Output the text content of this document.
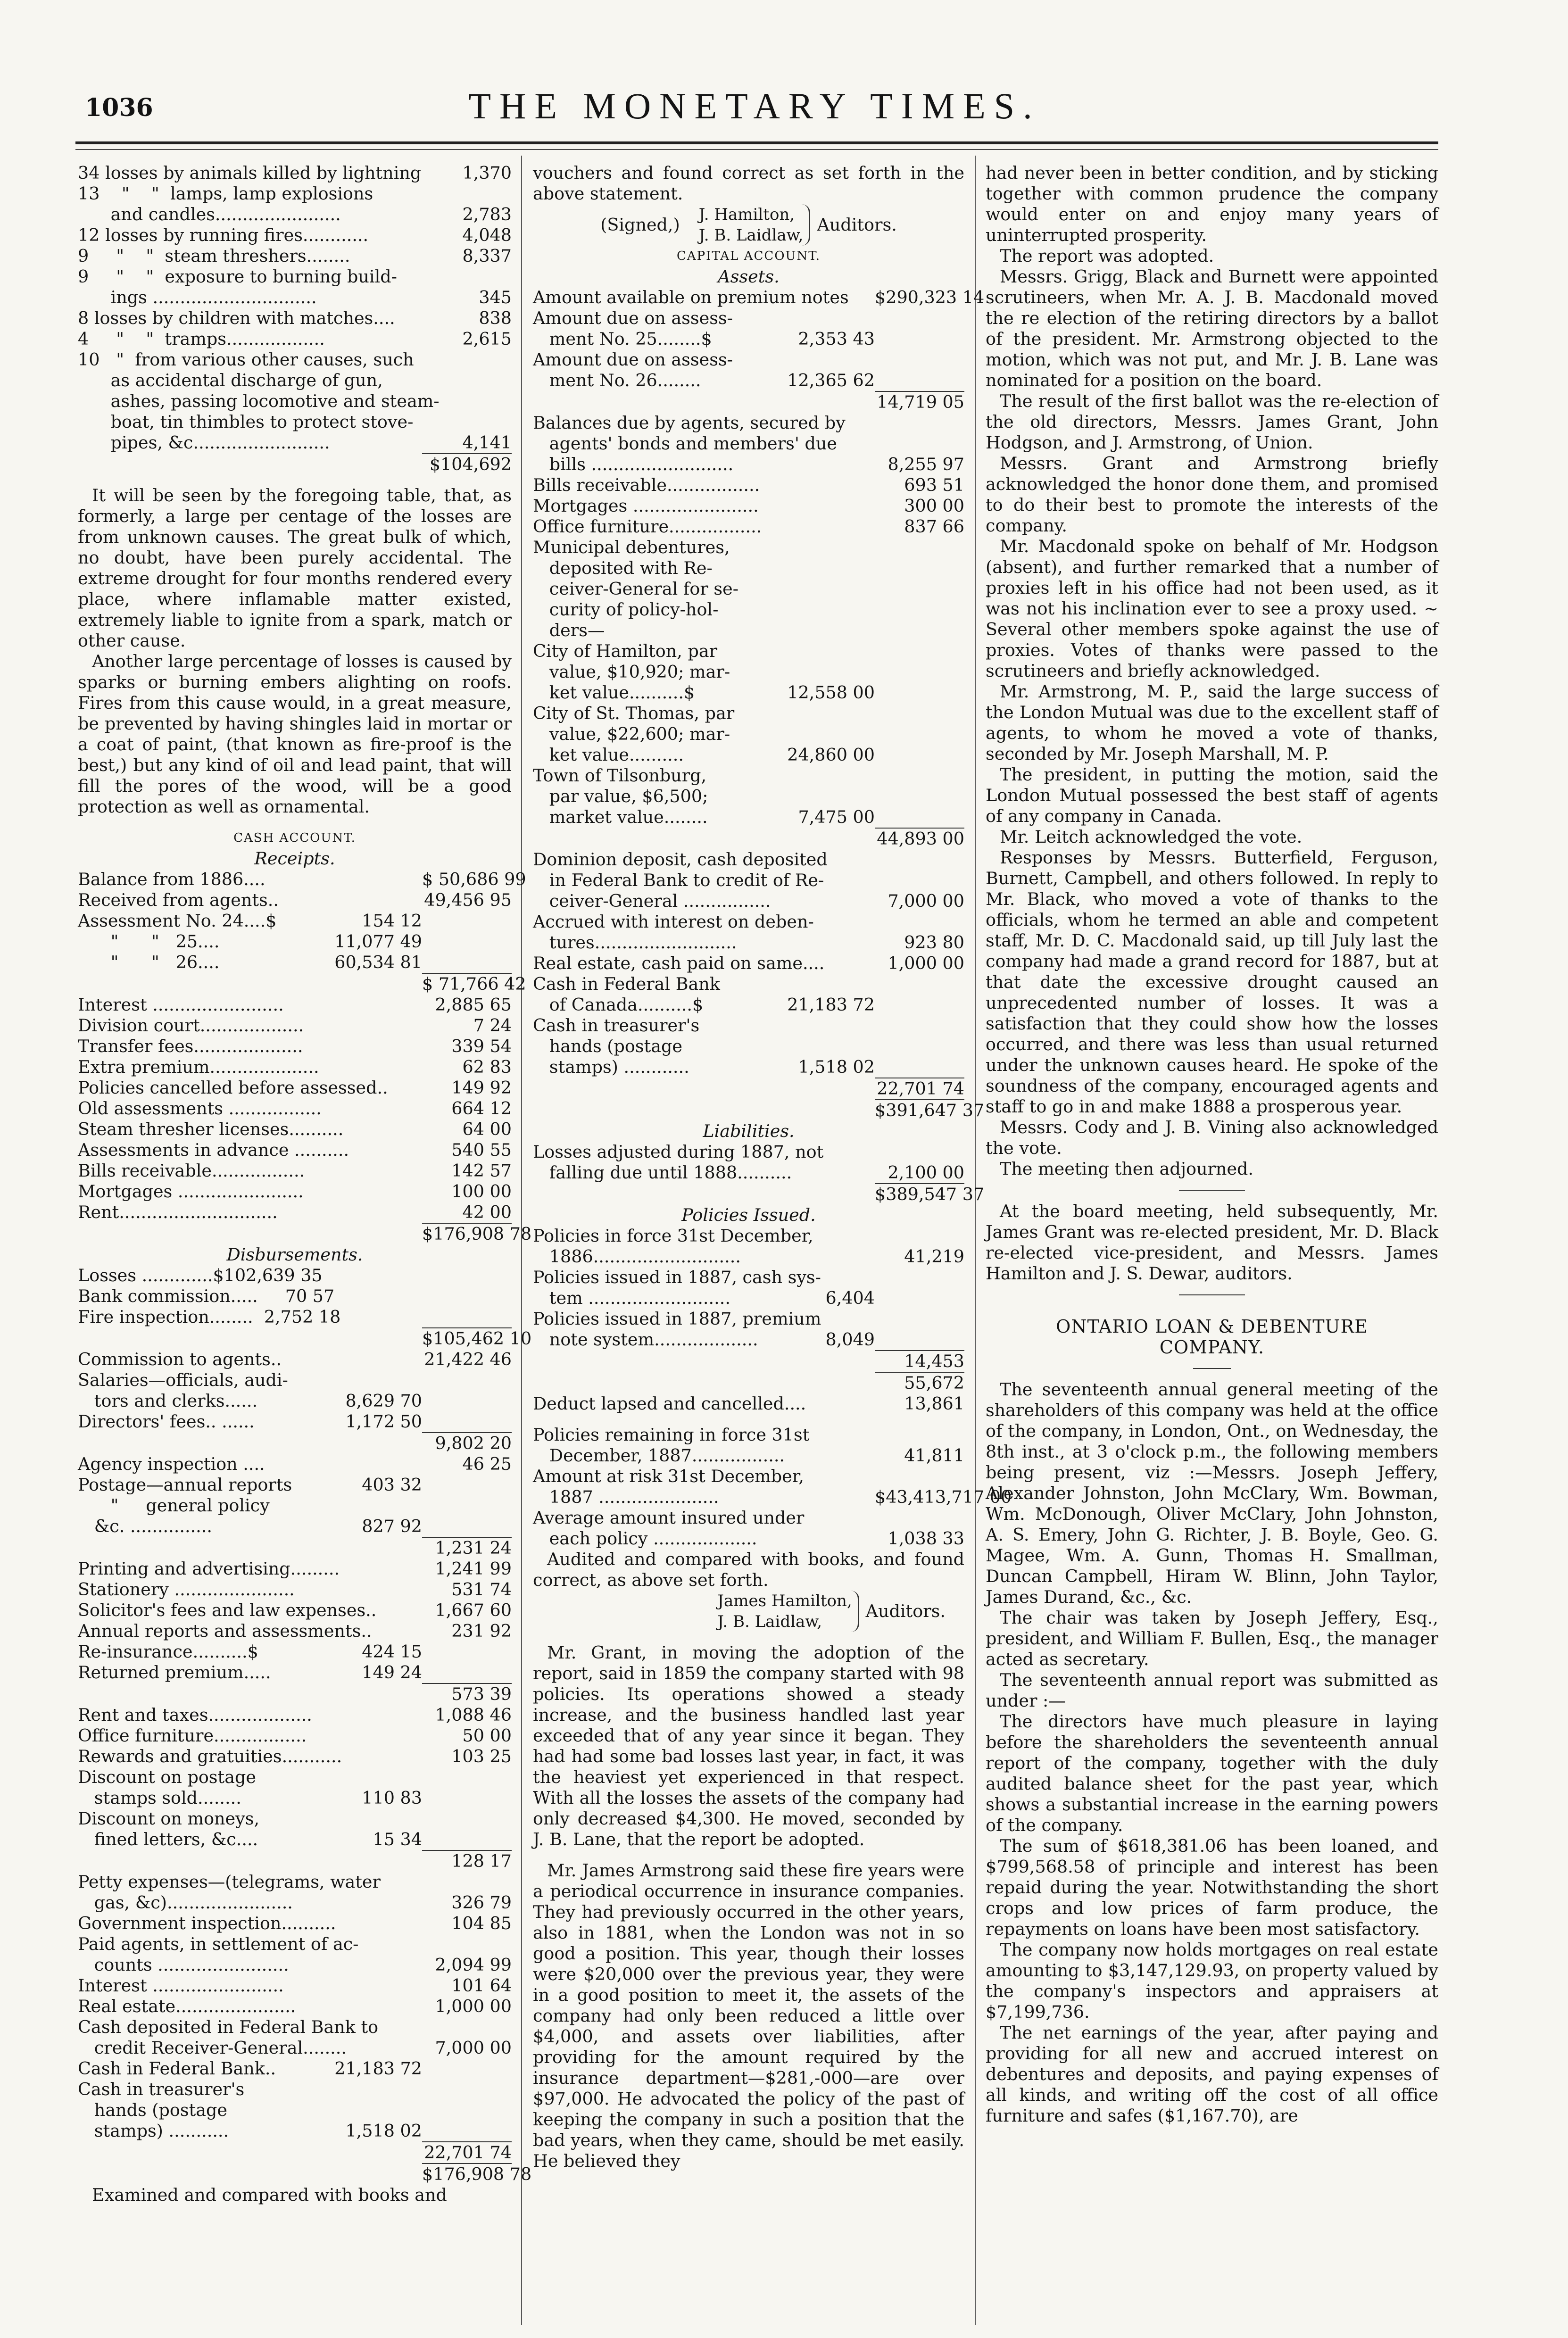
1036	THE MONETARY TIMES.
34 losses by animals killed by lightning	1,370
13    "    "  lamps, lamp explosions
and candles.......................	2,783
12 losses by running fires............	4,048
9     "    "  steam threshers........	8,337
9     "    "  exposure to burning build-
ings ..............................	345
8 losses by children with matches....	838
4     "    "  tramps..................	2,615
10   "  from various other causes, such
as accidental discharge of gun,
ashes, passing locomotive and steam-
boat, tin thimbles to protect stove-
pipes, &c.........................	4,141
$104,692

It will be seen by the foregoing table, that, as formerly, a large per centage of the losses are from unknown causes. The great bulk of which, no doubt, have been purely accidental. The extreme drought for four months rendered every place, where inflamable matter existed, extremely liable to ignite from a spark, match or other cause.

Another large percentage of losses is caused by sparks or burning embers alighting on roofs. Fires from this cause would, in a great measure, be prevented by having shingles laid in mortar or a coat of paint, (that known as fire-proof is the best,) but any kind of oil and lead paint, that will fill the pores of the wood, will be a good protection as well as ornamental.

CASH ACCOUNT.
Receipts.
Balance from 1886....	$ 50,686 99
Received from agents..	49,456 95
Assessment No. 24....$	154 12
"      "   25....	11,077 49
"      "   26....	60,534 81
$ 71,766 42
Interest ........................	2,885 65
Division court...................	7 24
Transfer fees....................	339 54
Extra premium....................	62 83
Policies cancelled before assessed..	149 92
Old assessments .................	664 12
Steam thresher licenses..........	64 00
Assessments in advance ..........	540 55
Bills receivable.................	142 57
Mortgages .......................	100 00
Rent.............................	42 00
$176,908 78
Disbursements.
Losses .............$102,639 35
Bank commission.....     70 57
Fire inspection........  2,752 18
$105,462 10
Commission to agents..	21,422 46
Salaries—officials, audi-
tors and clerks......	8,629 70
Directors' fees.. ......	1,172 50
9,802 20
Agency inspection ....	46 25
Postage—annual reports	403 32
"     general policy
&c. ...............	827 92
1,231 24
Printing and advertising.........	1,241 99
Stationery ......................	531 74
Solicitor's fees and law expenses..	1,667 60
Annual reports and assessments..	231 92
Re-insurance..........$	424 15
Returned premium.....	149 24
573 39
Rent and taxes...................	1,088 46
Office furniture.................	50 00
Rewards and gratuities...........	103 25
Discount on postage
stamps sold........	110 83
Discount on moneys,
fined letters, &c....	15 34
128 17
Petty expenses—(telegrams, water
gas, &c).......................	326 79
Government inspection..........	104 85
Paid agents, in settlement of ac-
counts ........................	2,094 99
Interest ........................	101 64
Real estate......................	1,000 00
Cash deposited in Federal Bank to
credit Receiver-General........	7,000 00
Cash in Federal Bank..	21,183 72
Cash in treasurer's
hands (postage
stamps) ...........	1,518 02
22,701 74
$176,908 78

Examined and compared with books and

vouchers and found correct as set forth in the above statement.

(Signed,)	J. Hamilton,
J. B. Laidlaw,
Auditors.
CAPITAL ACCOUNT.
Assets.
Amount available on premium notes $290,323 14
Amount due on assess-
ment No. 25........$	2,353 43
Amount due on assess-
ment No. 26........	12,365 62
14,719 05
Balances due by agents, secured by
agents' bonds and members' due
bills ..........................	8,255 97
Bills receivable.................	693 51
Mortgages .......................	300 00
Office furniture.................	837 66
Municipal debentures,
deposited with Re-
ceiver-General for se-
curity of policy-hol-
ders—
City of Hamilton, par
value, $10,920; mar-
ket value..........$	12,558 00
City of St. Thomas, par
value, $22,600; mar-
ket value..........	24,860 00
Town of Tilsonburg,
par value, $6,500;
market value........	7,475 00
44,893 00
Dominion deposit, cash deposited
in Federal Bank to credit of Re-
ceiver-General ................	7,000 00
Accrued with interest on deben-
tures..........................	923 80
Real estate, cash paid on same....	1,000 00
Cash in Federal Bank
of Canada..........$	21,183 72
Cash in treasurer's
hands (postage
stamps) ............	1,518 02
22,701 74
$391,647 37
Liabilities.
Losses adjusted during 1887, not
falling due until 1888..........	2,100 00
$389,547 37
Policies Issued.
Policies in force 31st December,
1886...........................	41,219
Policies issued in 1887, cash sys-
tem ..........................	6,404
Policies issued in 1887, premium
note system...................	8,049
14,453
55,672
Deduct lapsed and cancelled....	13,861
Policies remaining in force 31st
December, 1887.................	41,811
Amount at risk 31st December,
1887 ......................	$43,413,717 00
Average amount insured under
each policy ...................	1,038 33

Audited and compared with books, and found correct, as above set forth.

James Hamilton,
J. B. Laidlaw,
Auditors.

Mr. Grant, in moving the adoption of the report, said in 1859 the company started with 98 policies. Its operations showed a steady increase, and the business handled last year exceeded that of any year since it began. They had had some bad losses last year, in fact, it was the heaviest yet experienced in that respect. With all the losses the assets of the company had only decreased $4,300. He moved, seconded by J. B. Lane, that the report be adopted.

Mr. James Armstrong said these fire years were a periodical occurrence in insurance companies. They had previously occurred in the other years, also in 1881, when the London was not in so good a position. This year, though their losses were $20,000 over the previous year, they were in a good position to meet it, the assets of the company had only been reduced a little over $4,000, and assets over liabilities, after providing for the amount required by the insurance department—$281,-000—are over $97,000. He advocated the policy of the past of keeping the company in such a position that the bad years, when they came, should be met easily. He believed they

had never been in better condition, and by sticking together with common prudence the company would enter on and enjoy many years of uninterrupted prosperity.

The report was adopted.

Messrs. Grigg, Black and Burnett were appointed scrutineers, when Mr. A. J. B. Macdonald moved the re election of the retiring directors by a ballot of the president. Mr. Armstrong objected to the motion, which was not put, and Mr. J. B. Lane was nominated for a position on the board.

The result of the first ballot was the re-election of the old directors, Messrs. James Grant, John Hodgson, and J. Armstrong, of Union.

Messrs. Grant and Armstrong briefly acknowledged the honor done them, and promised to do their best to promote the interests of the company.

Mr. Macdonald spoke on behalf of Mr. Hodgson (absent), and further remarked that a number of proxies left in his office had not been used, as it was not his inclination ever to see a proxy used. ~ Several other members spoke against the use of proxies. Votes of thanks were passed to the scrutineers and briefly acknowledged.

Mr. Armstrong, M. P., said the large success of the London Mutual was due to the excellent staff of agents, to whom he moved a vote of thanks, seconded by Mr. Joseph Marshall, M. P.

The president, in putting the motion, said the London Mutual possessed the best staff of agents of any company in Canada.

Mr. Leitch acknowledged the vote.

Responses by Messrs. Butterfield, Ferguson, Burnett, Campbell, and others followed. In reply to Mr. Black, who moved a vote of thanks to the officials, whom he termed an able and competent staff, Mr. D. C. Macdonald said, up till July last the company had made a grand record for 1887, but at that date the excessive drought caused an unprecedented number of losses. It was a satisfaction that they could show how the losses occurred, and there was less than usual returned under the unknown causes heard. He spoke of the soundness of the company, encouraged agents and staff to go in and make 1888 a prosperous year.

Messrs. Cody and J. B. Vining also acknowledged the vote.

The meeting then adjourned.

At the board meeting, held subsequently, Mr. James Grant was re-elected president, Mr. D. Black re-elected vice-president, and Messrs. James Hamilton and J. S. Dewar, auditors.

ONTARIO LOAN & DEBENTURE
COMPANY.

The seventeenth annual general meeting of the shareholders of this company was held at the office of the company, in London, Ont., on Wednesday, the 8th inst., at 3 o'clock p.m., the following members being present, viz :—Messrs. Joseph Jeffery, Alexander Johnston, John McClary, Wm. Bowman, Wm. McDonough, Oliver McClary, John Johnston, A. S. Emery, John G. Richter, J. B. Boyle, Geo. G. Magee, Wm. A. Gunn, Thomas H. Smallman, Duncan Campbell, Hiram W. Blinn, John Taylor, James Durand, &c., &c.

The chair was taken by Joseph Jeffery, Esq., president, and William F. Bullen, Esq., the manager acted as secretary.

The seventeenth annual report was submitted as under :—

The directors have much pleasure in laying before the shareholders the seventeenth annual report of the company, together with the duly audited balance sheet for the past year, which shows a substantial increase in the earning powers of the company.

The sum of $618,381.06 has been loaned, and $799,568.58 of principle and interest has been repaid during the year. Notwithstanding the short crops and low prices of farm produce, the repayments on loans have been most satisfactory.

The company now holds mortgages on real estate amounting to $3,147,129.93, on property valued by the company's inspectors and appraisers at $7,199,736.

The net earnings of the year, after paying and providing for all new and accrued interest on debentures and deposits, and paying expenses of all kinds, and writing off the cost of all office furniture and safes ($1,167.70), are
